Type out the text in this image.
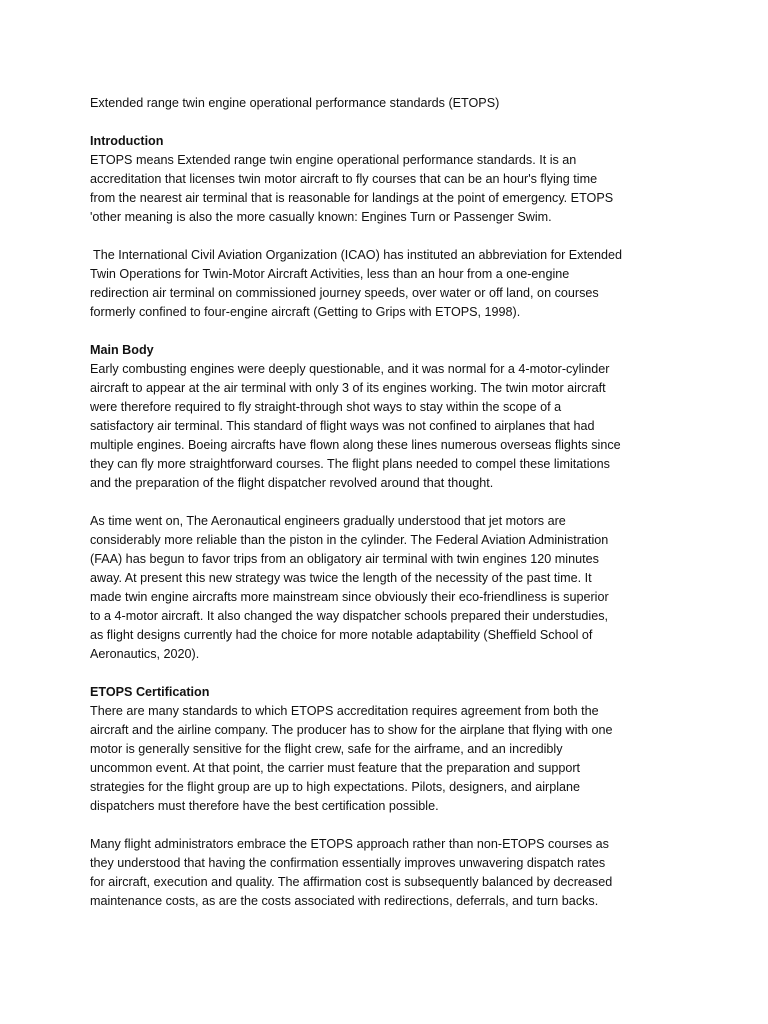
Extended range twin engine operational performance standards (ETOPS)
Introduction
ETOPS means Extended range twin engine operational performance standards. It is an
accreditation that licenses twin motor aircraft to fly courses that can be an hour's flying time
from the nearest air terminal that is reasonable for landings at the point of emergency. ETOPS
'other meaning is also the more casually known: Engines Turn or Passenger Swim.
The International Civil Aviation Organization (ICAO) has instituted an abbreviation for Extended
Twin Operations for Twin-Motor Aircraft Activities, less than an hour from a one-engine
redirection air terminal on commissioned journey speeds, over water or off land, on courses
formerly confined to four-engine aircraft (Getting to Grips with ETOPS, 1998).
Main Body
Early combusting engines were deeply questionable, and it was normal for a 4-motor-cylinder
aircraft to appear at the air terminal with only 3 of its engines working. The twin motor aircraft
were therefore required to fly straight-through shot ways to stay within the scope of a
satisfactory air terminal. This standard of flight ways was not confined to airplanes that had
multiple engines. Boeing aircrafts have flown along these lines numerous overseas flights since
they can fly more straightforward courses. The flight plans needed to compel these limitations
and the preparation of the flight dispatcher revolved around that thought.
As time went on, The Aeronautical engineers gradually understood that jet motors are
considerably more reliable than the piston in the cylinder. The Federal Aviation Administration
(FAA) has begun to favor trips from an obligatory air terminal with twin engines 120 minutes
away. At present this new strategy was twice the length of the necessity of the past time. It
made twin engine aircrafts more mainstream since obviously their eco-friendliness is superior
to a 4-motor aircraft. It also changed the way dispatcher schools prepared their understudies,
as flight designs currently had the choice for more notable adaptability (Sheffield School of
Aeronautics, 2020).
ETOPS Certification
There are many standards to which ETOPS accreditation requires agreement from both the
aircraft and the airline company. The producer has to show for the airplane that flying with one
motor is generally sensitive for the flight crew, safe for the airframe, and an incredibly
uncommon event. At that point, the carrier must feature that the preparation and support
strategies for the flight group are up to high expectations. Pilots, designers, and airplane
dispatchers must therefore have the best certification possible.
Many flight administrators embrace the ETOPS approach rather than non-ETOPS courses as
they understood that having the confirmation essentially improves unwavering dispatch rates
for aircraft, execution and quality. The affirmation cost is subsequently balanced by decreased
maintenance costs, as are the costs associated with redirections, deferrals, and turn backs.
